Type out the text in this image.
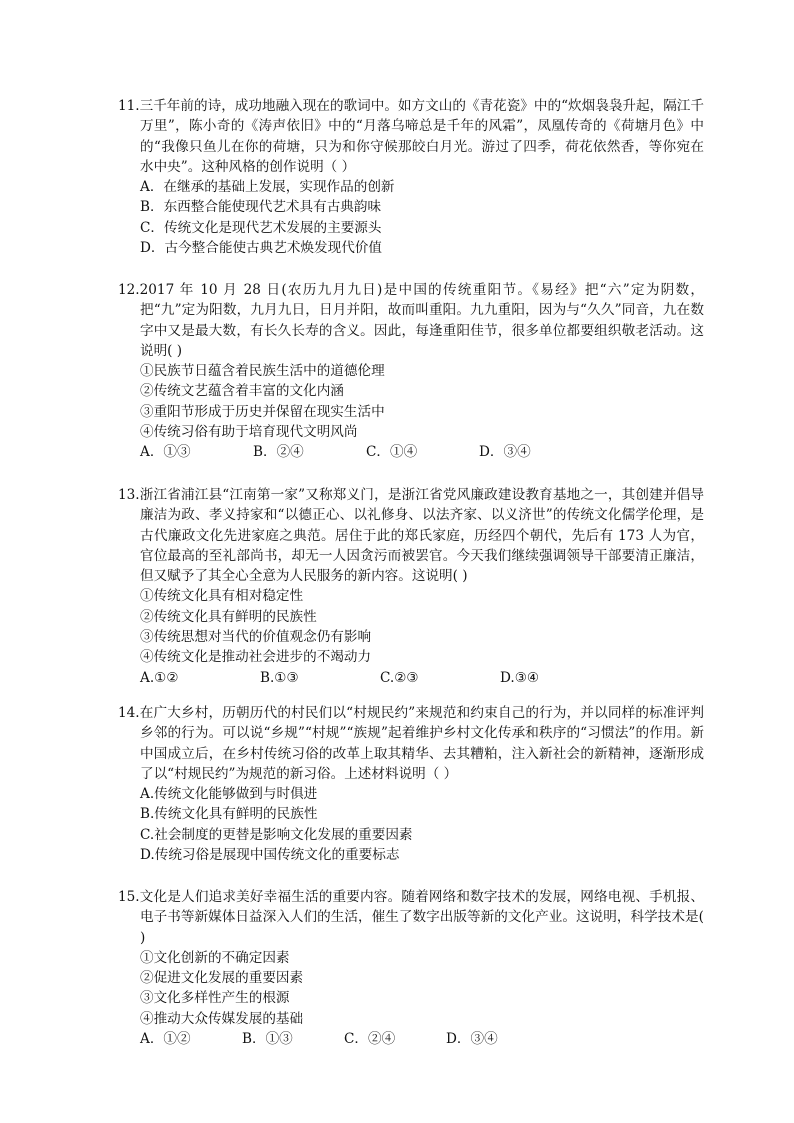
11.三千年前的诗，成功地融入现在的歌词中。如方文山的《青花瓷》中的“炊烟袅袅升起，隔江千万里”，陈小奇的《涛声依旧》中的“月落乌啼总是千年的风霜”，凤凰传奇的《荷塘月色》中的“我像只鱼儿在你的荷塘，只为和你守候那皎白月光。游过了四季，荷花依然香，等你宛在水中央”。这种风格的创作说明（ ）

A．在继承的基础上发展，实现作品的创新

B．东西整合能使现代艺术具有古典韵味

C．传统文化是现代艺术发展的主要源头

D．古今整合能使古典艺术焕发现代价值

12.2017 年 10 月 28 日(农历九月九日)是中国的传统重阳节。《易经》把“六”定为阴数，把“九”定为阳数，九月九日，日月并阳，故而叫重阳。九九重阳，因为与“久久”同音，九在数字中又是最大数，有长久长寿的含义。因此，每逢重阳佳节，很多单位都要组织敬老活动。这说明( )

①民族节日蕴含着民族生活中的道德伦理

②传统文艺蕴含着丰富的文化内涵

③重阳节形成于历史并保留在现实生活中

④传统习俗有助于培育现代文明风尚

A．①③	B．②④	C．①④	D．③④

13.浙江省浦江县“江南第一家”又称郑义门，是浙江省党风廉政建设教育基地之一，其创建并倡导廉洁为政、孝义持家和“以德正心、以礼修身、以法齐家、以义济世”的传统文化儒学伦理，是古代廉政文化先进家庭之典范。居住于此的郑氏家庭，历经四个朝代，先后有 173 人为官，官位最高的至礼部尚书，却无一人因贪污而被罢官。今天我们继续强调领导干部要清正廉洁，但又赋予了其全心全意为人民服务的新内容。这说明( )

①传统文化具有相对稳定性

②传统文化具有鲜明的民族性

③传统思想对当代的价值观念仍有影响

④传统文化是推动社会进步的不竭动力

A.①②	B.①③	C.②③	D.③④

14.在广大乡村，历朝历代的村民们以“村规民约”来规范和约束自己的行为，并以同样的标准评判乡邻的行为。可以说“乡规”“村规”“族规”起着维护乡村文化传承和秩序的“习惯法”的作用。新中国成立后，在乡村传统习俗的改革上取其精华、去其糟粕，注入新社会的新精神，逐渐形成了以“村规民约”为规范的新习俗。上述材料说明（ ）

A.传统文化能够做到与时俱进

B.传统文化具有鲜明的民族性

C.社会制度的更替是影响文化发展的重要因素

D.传统习俗是展现中国传统文化的重要标志

15.文化是人们追求美好幸福生活的重要内容。随着网络和数字技术的发展，网络电视、手机报、电子书等新媒体日益深入人们的生活，催生了数字出版等新的文化产业。这说明，科学技术是( )

①文化创新的不确定因素

②促进文化发展的重要因素

③文化多样性产生的根源

④推动大众传媒发展的基础

A．①②	B．①③	C．②④	D．③④
